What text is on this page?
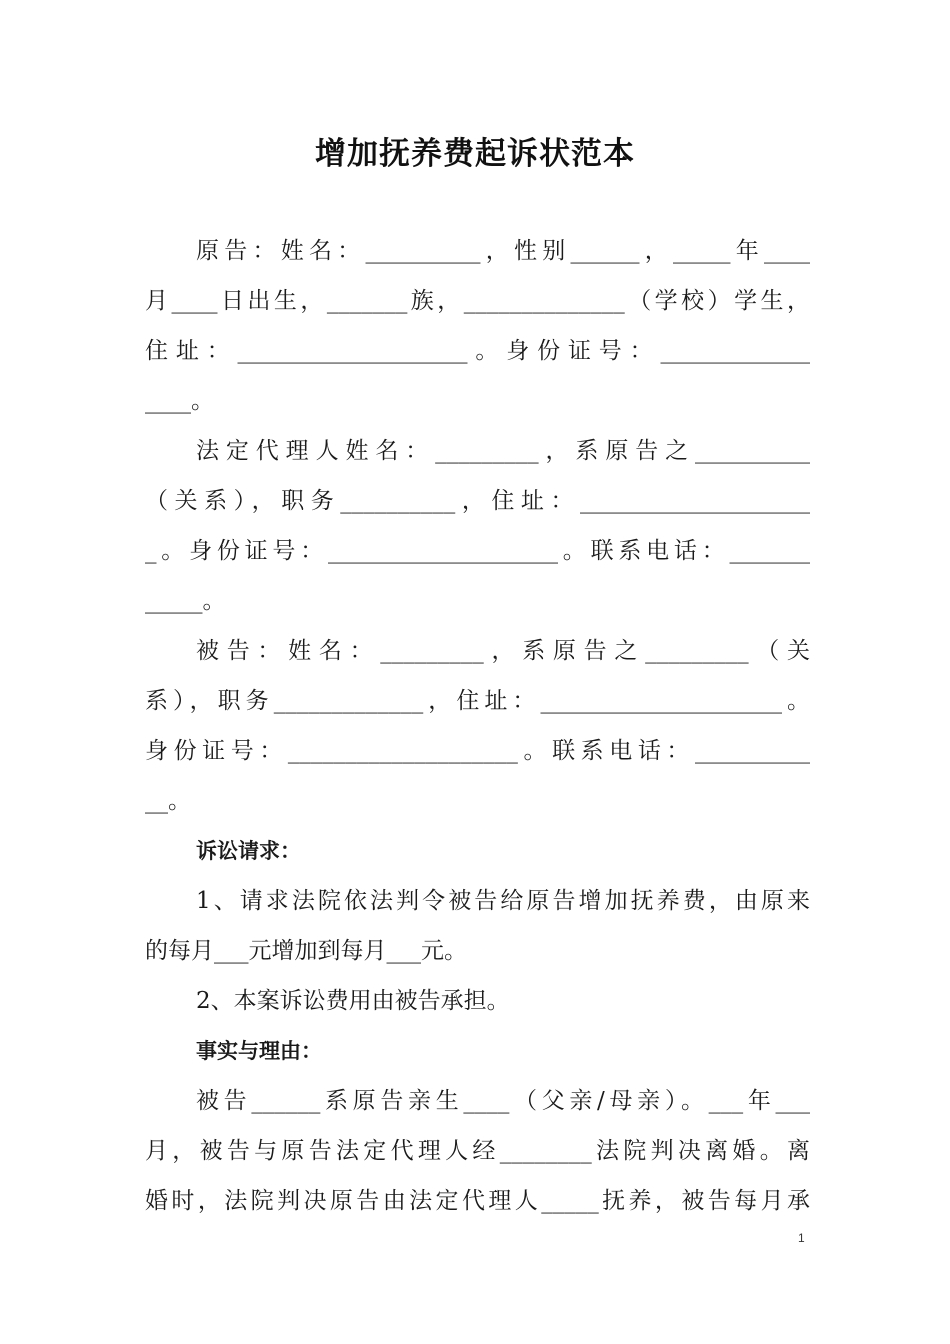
增加抚养费起诉状范本
原告：姓名：__________，性别______，_____年____
月____日出生，_______族，______________（学校）学生，
住址：____________________。身份证号：_____________
____。
法定代理人姓名：_________，系原告之__________
（关系），职务__________，住址：____________________
_。身份证号：____________________。联系电话：_______
_____。
被告：姓名：_________，系原告之_________（关
系），职务_____________，住址：_____________________。
身份证号：____________________。联系电话：__________
__。
诉讼请求：
1、请求法院依法判令被告给原告增加抚养费，由原来
的每月___元增加到每月___元。
2、本案诉讼费用由被告承担。
事实与理由：
被告______系原告亲生____（父亲/母亲）。___年___
月，被告与原告法定代理人经________法院判决离婚。离
婚时，法院判决原告由法定代理人_____抚养，被告每月承
1
